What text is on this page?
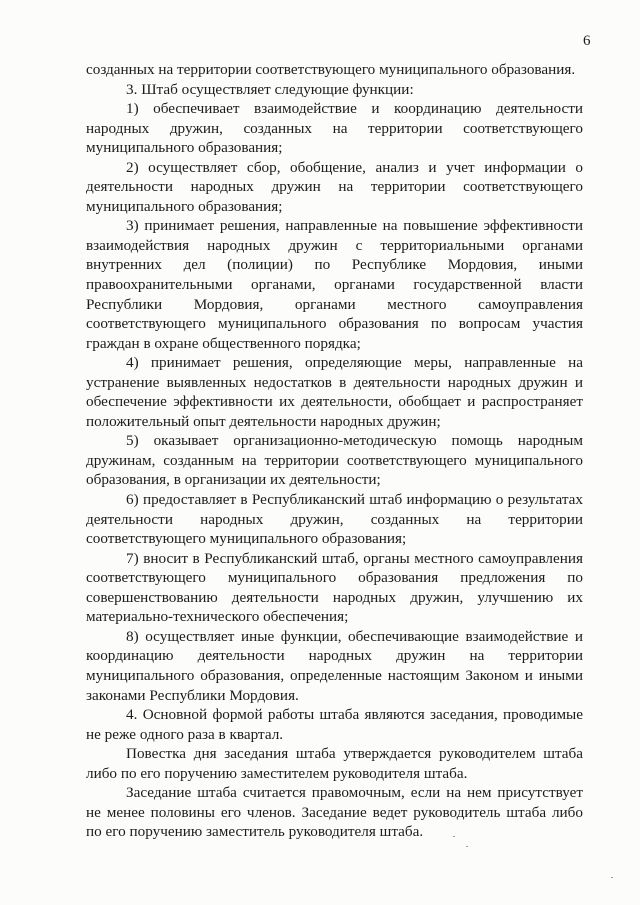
6

созданных на территории соответствующего муниципального образования.

3. Штаб осуществляет следующие функции:

1) обеспечивает взаимодействие и координацию деятельности народных дружин, созданных на территории соответствующего муниципального образования;

2) осуществляет сбор, обобщение, анализ и учет информации о деятельности народных дружин на территории соответствующего муниципального образования;

3) принимает решения, направленные на повышение эффективности взаимодействия народных дружин с территориальными органами внутренних дел (полиции) по Республике Мордовия, иными правоохранительными органами, органами государственной власти Республики Мордовия, органами местного самоуправления соответствующего муниципального образования по вопросам участия граждан в охране общественного порядка;

4) принимает решения, определяющие меры, направленные на устранение выявленных недостатков в деятельности народных дружин и обеспечение эффективности их деятельности, обобщает и распространяет положительный опыт деятельности народных дружин;

5) оказывает организационно-методическую помощь народным дружинам, созданным на территории соответствующего муниципального образования, в организации их деятельности;

6) предоставляет в Республиканский штаб информацию о результатах деятельности народных дружин, созданных на территории соответствующего муниципального образования;

7) вносит в Республиканский штаб, органы местного самоуправления соответствующего муниципального образования предложения по совершенствованию деятельности народных дружин, улучшению их материально-технического обеспечения;

8) осуществляет иные функции, обеспечивающие взаимодействие и координацию деятельности народных дружин на территории муниципального образования, определенные настоящим Законом и иными законами Республики Мордовия.

4. Основной формой работы штаба являются заседания, проводимые не реже одного раза в квартал.

Повестка дня заседания штаба утверждается руководителем штаба либо по его поручению заместителем руководителя штаба.

Заседание штаба считается правомочным, если на нем присутствует не менее половины его членов. Заседание ведет руководитель штаба либо по его поручению заместитель руководителя штаба.
